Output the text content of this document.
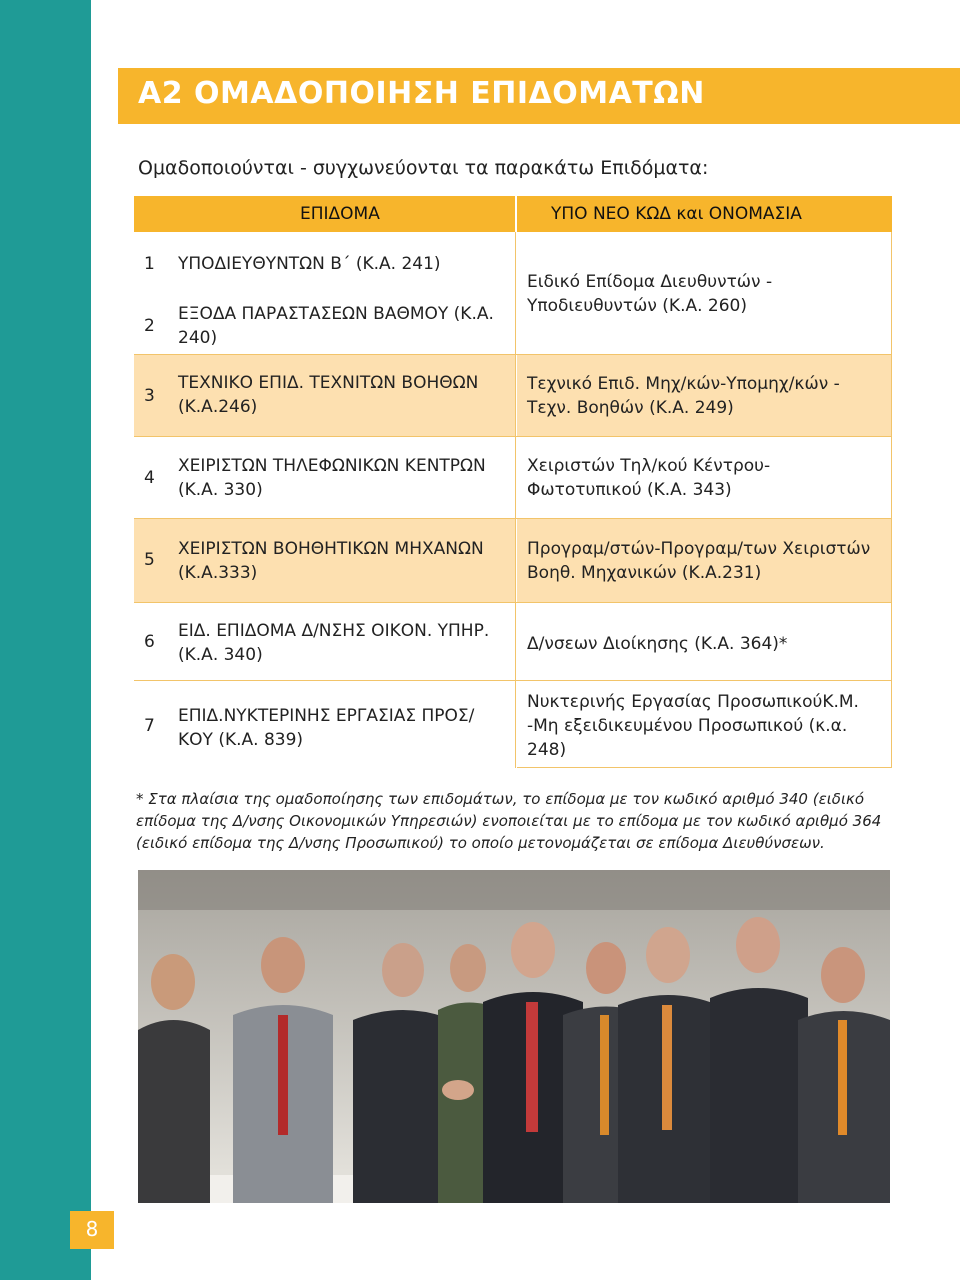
Α2 ΟΜΑΔΟΠΟΙΗΣΗ ΕΠΙΔΟΜΑΤΩΝ
Ομαδοποιούνται - συγχωνεύονται τα παρακάτω Επιδόματα:
ΕΠΙΔΟΜΑ	ΥΠΟ ΝΕΟ ΚΩΔ και ΟΝΟΜΑΣΙΑ
1
2
3
4
5
6
7
ΥΠΟΔΙΕΥΘΥΝΤΩΝ Β΄ (Κ.Α. 241)
ΕΞΟΔΑ ΠΑΡΑΣΤΑΣΕΩΝ ΒΑΘΜΟΥ (Κ.Α. 240)
ΤΕΧΝΙΚΟ ΕΠΙΔ. ΤΕΧΝΙΤΩΝ ΒΟΗΘΩΝ (Κ.Α.246)
ΧΕΙΡΙΣΤΩΝ ΤΗΛΕΦΩΝΙΚΩΝ ΚΕΝΤΡΩΝ (Κ.Α. 330)
ΧΕΙΡΙΣΤΩΝ ΒΟΗΘΗΤΙΚΩΝ ΜΗΧΑΝΩΝ (Κ.Α.333)
ΕΙΔ. ΕΠΙΔΟΜΑ Δ/ΝΣΗΣ ΟΙΚΟΝ. ΥΠΗΡ. (Κ.Α. 340)
ΕΠΙΔ.ΝΥΚΤΕΡΙΝΗΣ ΕΡΓΑΣΙΑΣ ΠΡΟΣ/ ΚΟΥ (Κ.Α. 839)
Ειδικό Επίδομα Διευθυντών - Υποδιευθυντών (Κ.Α. 260)
Τεχνικό Επιδ. Μηχ/κών-Υπομηχ/κών - Τεχν. Βοηθών (Κ.Α. 249)
Χειριστών Τηλ/κού Κέντρου- Φωτοτυπικού (Κ.Α. 343)
Προγραμ/στών-Προγραμ/των Χειριστών Βοηθ. Μηχανικών (Κ.Α.231)
Δ/νσεων Διοίκησης (Κ.Α. 364)*
Νυκτερινής Εργασίας ΠροσωπικούΚ.Μ. -Μη εξειδικευμένου Προσωπικού (κ.α. 248)
* Στα πλαίσια της ομαδοποίησης των επιδομάτων, το επίδομα με τον κωδικό αριθμό 340 (ειδικό επίδομα της Δ/νσης Οικονομικών Υπηρεσιών) ενοποιείται με το επίδομα με τον κωδικό αριθμό 364 (ειδικό επίδομα της Δ/νσης Προσωπικού) το οποίο μετονομάζεται σε επίδομα Διευθύνσεων.
8
